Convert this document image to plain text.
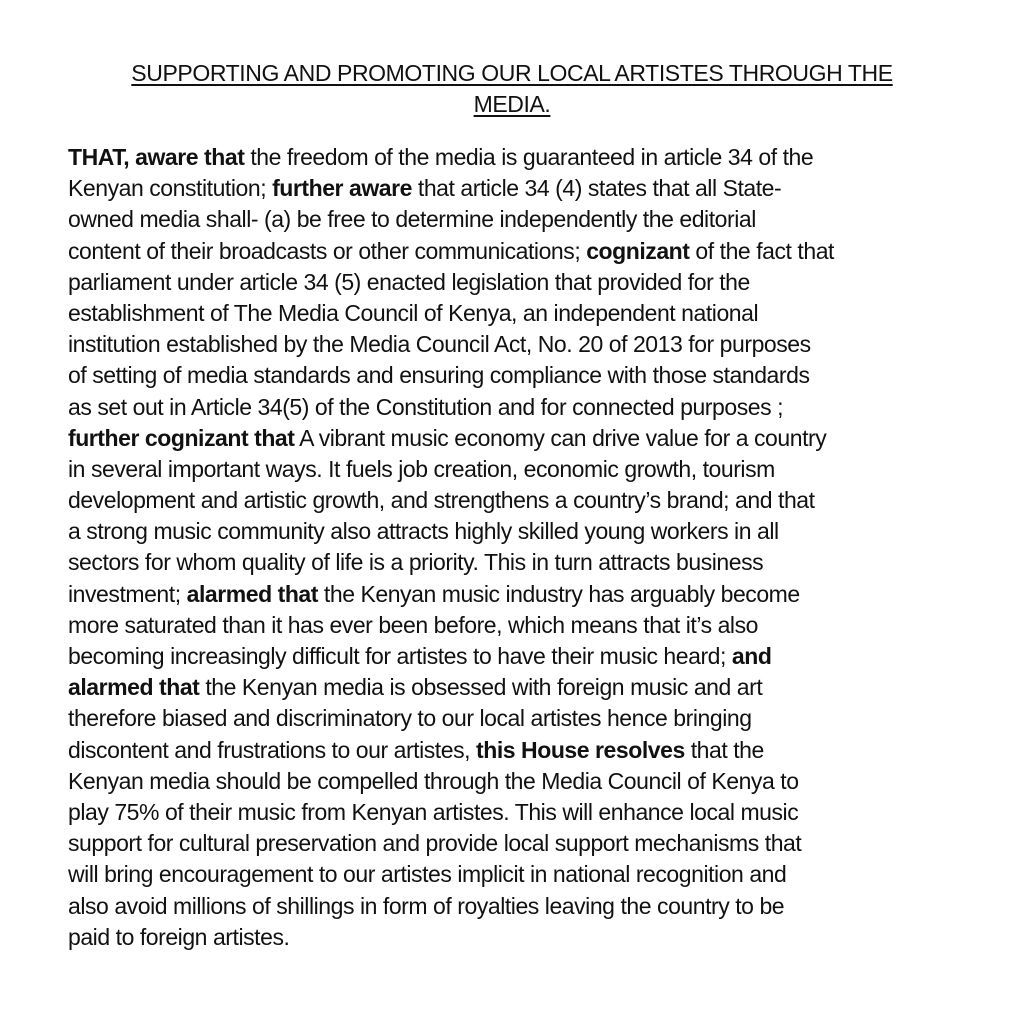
SUPPORTING AND PROMOTING OUR LOCAL ARTISTES THROUGH THE
MEDIA.
THAT, aware that the freedom of the media is guaranteed in article 34 of the
Kenyan constitution; further aware that article 34 (4) states that all State-
owned media shall- (a) be free to determine independently the editorial
content of their broadcasts or other communications; cognizant of the fact that
parliament under article 34 (5) enacted legislation that provided for the
establishment of The Media Council of Kenya, an independent national
institution established by the Media Council Act, No. 20 of 2013 for purposes
of setting of media standards and ensuring compliance with those standards
as set out in Article 34(5) of the Constitution and for connected purposes ;
further cognizant that A vibrant music economy can drive value for a country
in several important ways. It fuels job creation, economic growth, tourism
development and artistic growth, and strengthens a country’s brand; and that
a strong music community also attracts highly skilled young workers in all
sectors for whom quality of life is a priority. This in turn attracts business
investment; alarmed that the Kenyan music industry has arguably become
more saturated than it has ever been before, which means that it’s also
becoming increasingly difficult for artistes to have their music heard; and
alarmed that the Kenyan media is obsessed with foreign music and art
therefore biased and discriminatory to our local artistes hence bringing
discontent and frustrations to our artistes, this House resolves that the
Kenyan media should be compelled through the Media Council of Kenya to
play 75% of their music from Kenyan artistes. This will enhance local music
support for cultural preservation and provide local support mechanisms that
will bring encouragement to our artistes implicit in national recognition and
also avoid millions of shillings in form of royalties leaving the country to be
paid to foreign artistes.
